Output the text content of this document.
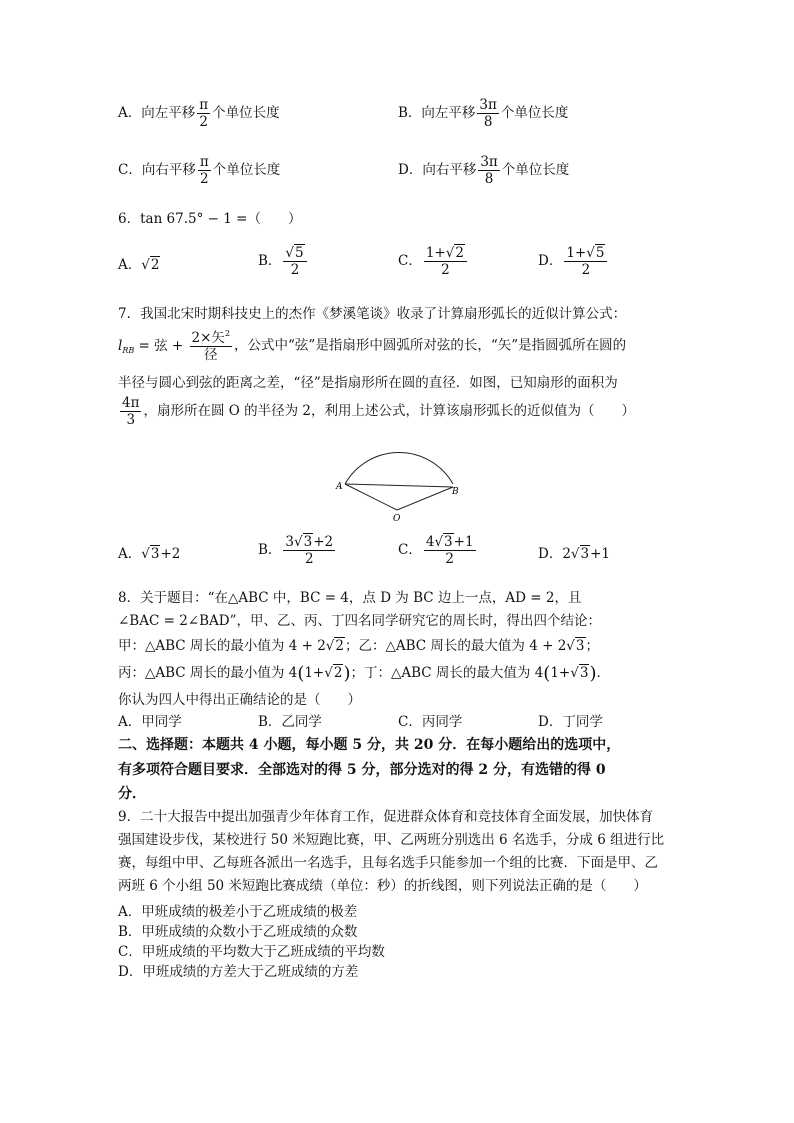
A．向左平移 $\frac{\pi}{2}$ 个单位长度	B．向左平移 $\frac{3\pi}{8}$ 个单位长度
C．向右平移 $\frac{\pi}{2}$ 个单位长度	D．向右平移 $\frac{3\pi}{8}$ 个单位长度
6．tan 67.5° − 1 =（　　）
A．√2	B． $\frac{√5}{2}$	C． $\frac{1+√2}{2}$	D． $\frac{1+√5}{2}$
7．我国北宋时期科技史上的杰作《梦溪笔谈》收录了计算扇形弧长的近似计算公式：
$l_{RB}$ = 弦 + $\frac{2\times 矢^2}{\text{径}}$ ，公式中“弦”是指扇形中圆弧所对弦的长，“矢”是指圆弧所在圆的
半径与圆心到弦的距离之差，“径”是指扇形所在圆的直径．如图，已知扇形的面积为
$\frac{4\pi}{3}$ ，扇形所在圆 O 的半径为 2，利用上述公式，计算该扇形弧长的近似值为（　　）
A	B
O
A．√3+2	B． $\frac{3√3+2}{2}$	C． $\frac{4√3+1}{2}$	D．2√3+1
8．关于题目：“在△ABC 中，BC = 4，点 D 为 BC 边上一点，AD = 2，且
∠BAC = 2∠BAD”，甲、乙、丙、丁四名同学研究它的周长时，得出四个结论：
甲：△ABC 周长的最小值为 4 + 2√2；乙：△ABC 周长的最大值为 4 + 2√3；
丙：△ABC 周长的最小值为 4(1+√2)；丁：△ABC 周长的最大值为 4(1+√3)．
你认为四人中得出正确结论的是（　　）
A．甲同学	B．乙同学	C．丙同学	D．丁同学
二、选择题：本题共 4 小题，每小题 5 分，共 20 分．在每小题给出的选项中，
有多项符合题目要求．全部选对的得 5 分，部分选对的得 2 分，有选错的得 0
分．
9．二十大报告中提出加强青少年体育工作，促进群众体育和竞技体育全面发展，加快体育
强国建设步伐，某校进行 50 米短跑比赛，甲、乙两班分别选出 6 名选手，分成 6 组进行比
赛，每组中甲、乙每班各派出一名选手，且每名选手只能参加一个组的比赛．下面是甲、乙
两班 6 个小组 50 米短跑比赛成绩（单位：秒）的折线图，则下列说法正确的是（　　）
A．甲班成绩的极差小于乙班成绩的极差
B．甲班成绩的众数小于乙班成绩的众数
C．甲班成绩的平均数大于乙班成绩的平均数
D．甲班成绩的方差大于乙班成绩的方差
